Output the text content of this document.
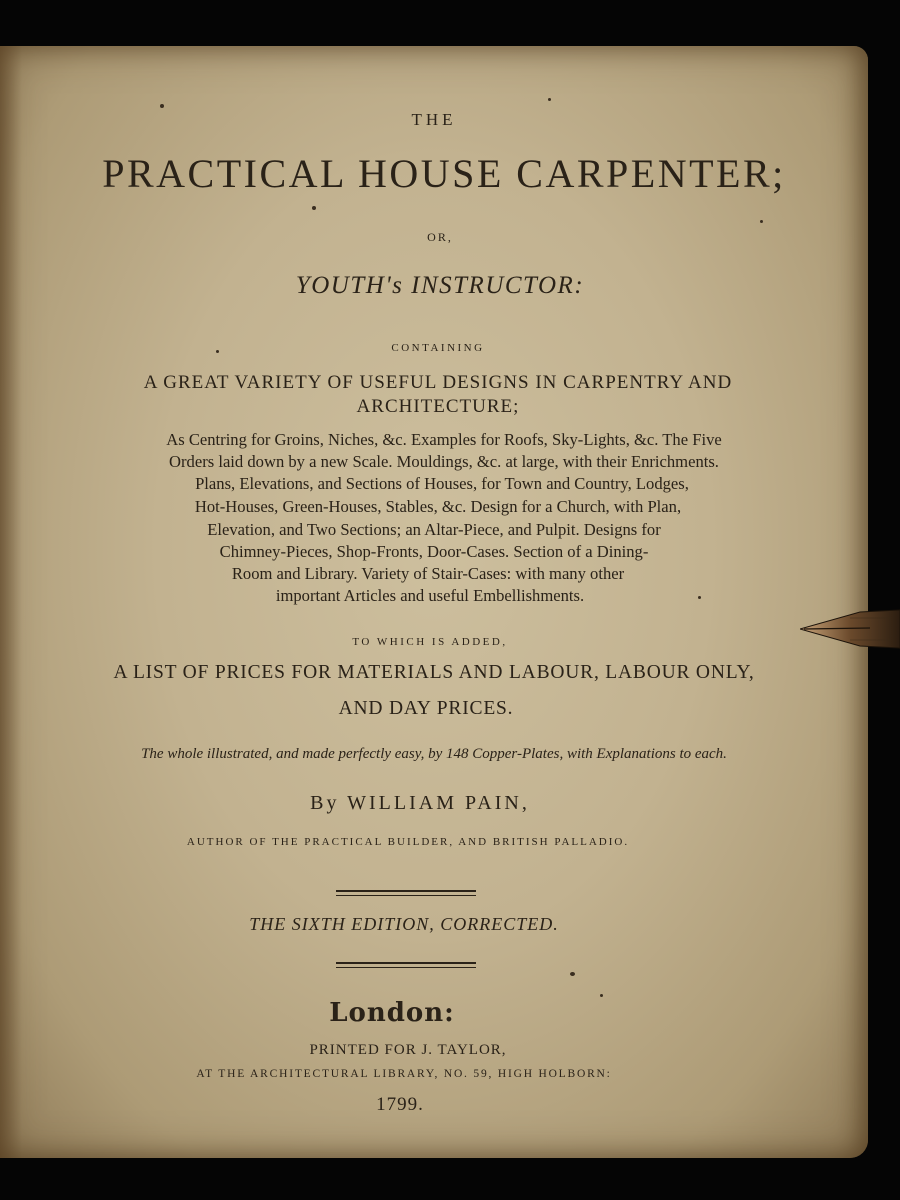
THE
PRACTICAL HOUSE CARPENTER;
OR,
YOUTH's INSTRUCTOR:
CONTAINING
A GREAT VARIETY OF USEFUL DESIGNS IN CARPENTRY AND
ARCHITECTURE;
As Centring for Groins, Niches, &c. Examples for Roofs, Sky-Lights, &c. The Five
Orders laid down by a new Scale. Mouldings, &c. at large, with their Enrichments.
Plans, Elevations, and Sections of Houses, for Town and Country, Lodges,
Hot-Houses, Green-Houses, Stables, &c. Design for a Church, with Plan,
Elevation, and Two Sections; an Altar-Piece, and Pulpit. Designs for
Chimney-Pieces, Shop-Fronts, Door-Cases. Section of a Dining-
Room and Library. Variety of Stair-Cases: with many other
important Articles and useful Embellishments.
TO WHICH IS ADDED,
A LIST OF PRICES FOR MATERIALS AND LABOUR, LABOUR ONLY,
AND DAY PRICES.
The whole illustrated, and made perfectly easy, by 148 Copper-Plates, with Explanations to each.
By WILLIAM PAIN,
AUTHOR OF THE PRACTICAL BUILDER, AND BRITISH PALLADIO.
THE SIXTH EDITION, CORRECTED.
London:
PRINTED FOR J. TAYLOR,
AT THE ARCHITECTURAL LIBRARY, NO. 59, HIGH HOLBORN:
1799.
